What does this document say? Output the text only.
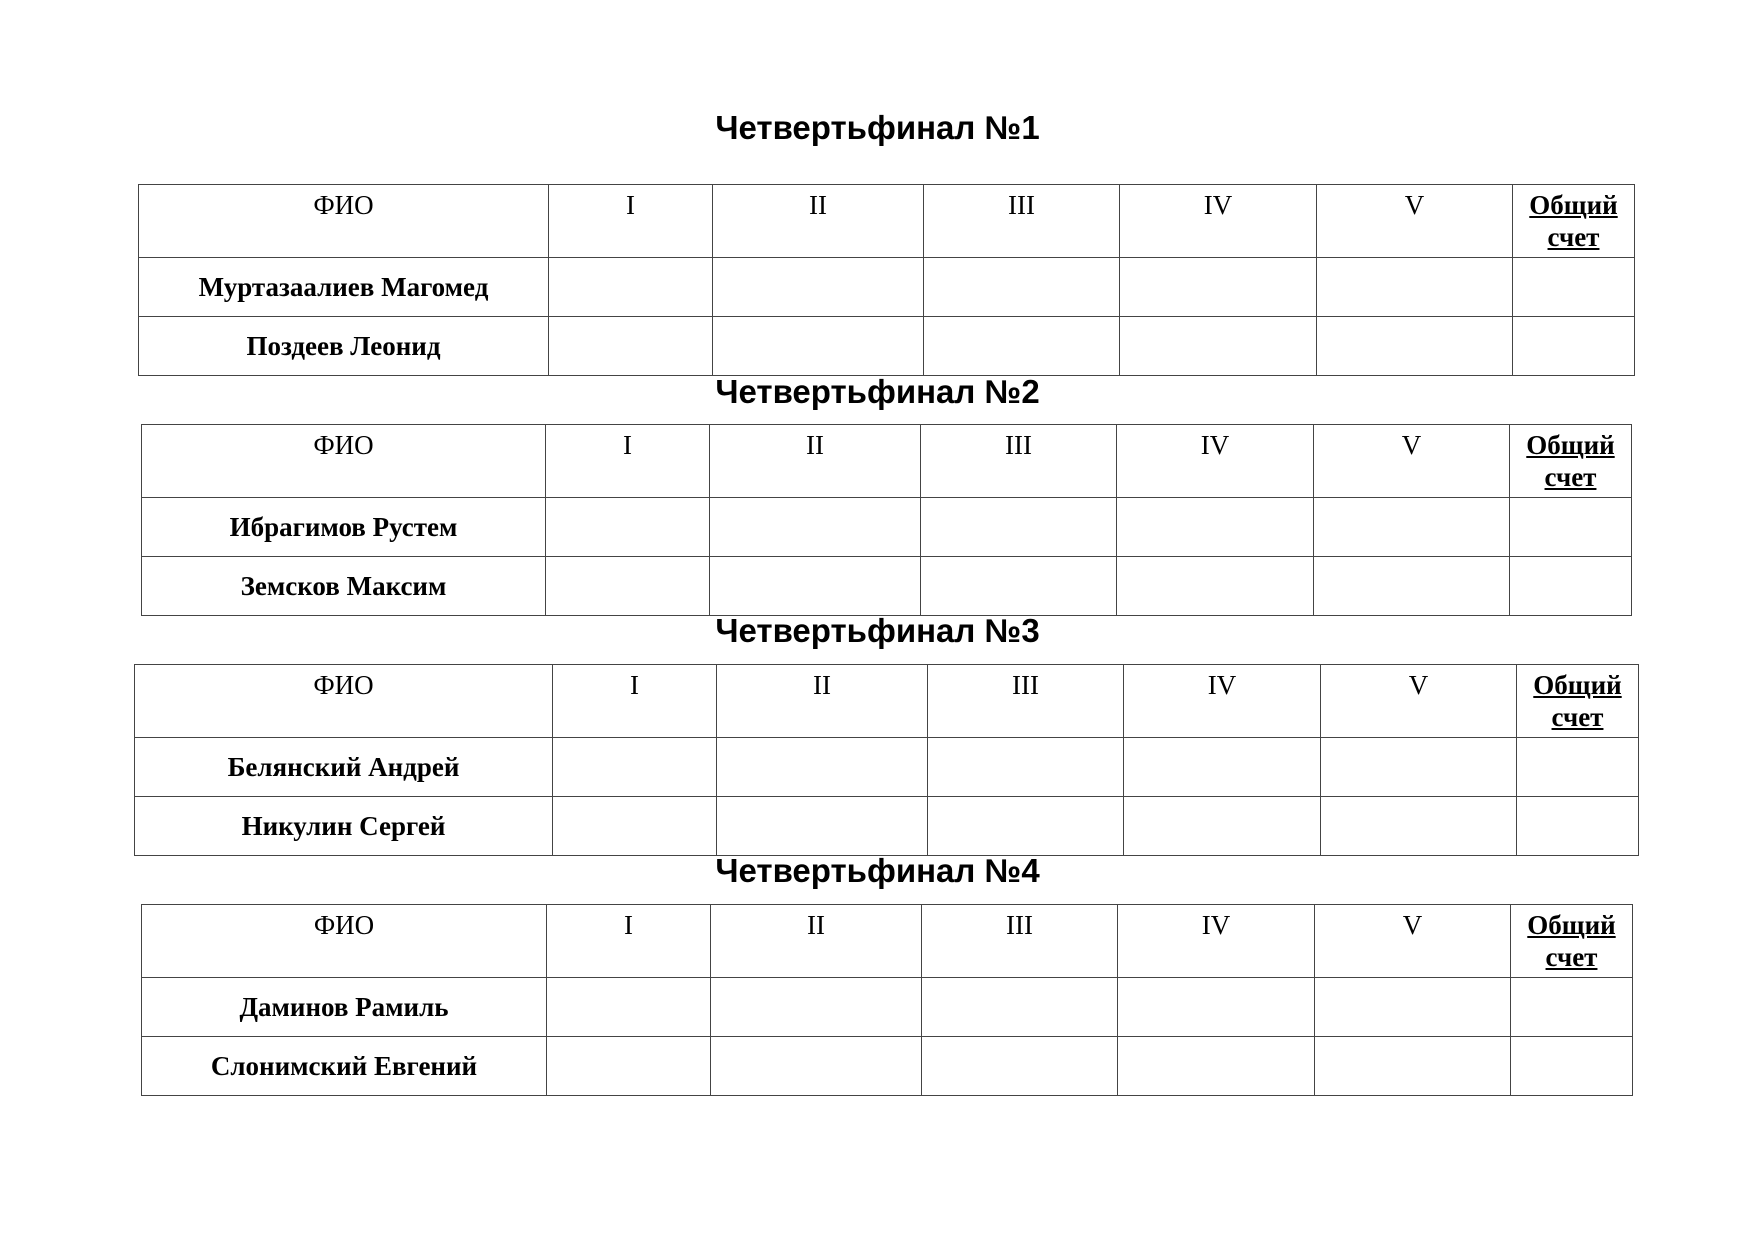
Четвертьфинал №1
ФИО	I	II	III	IV	V	Общий
счет
Муртазаалиев Магомед						
Поздеев Леонид						
Четвертьфинал №2
ФИО	I	II	III	IV	V	Общий
счет
Ибрагимов Рустем						
Земсков Максим						
Четвертьфинал №3
ФИО	I	II	III	IV	V	Общий
счет
Белянский Андрей						
Никулин Сергей						
Четвертьфинал №4
ФИО	I	II	III	IV	V	Общий
счет
Даминов Рамиль						
Слонимский Евгений						
